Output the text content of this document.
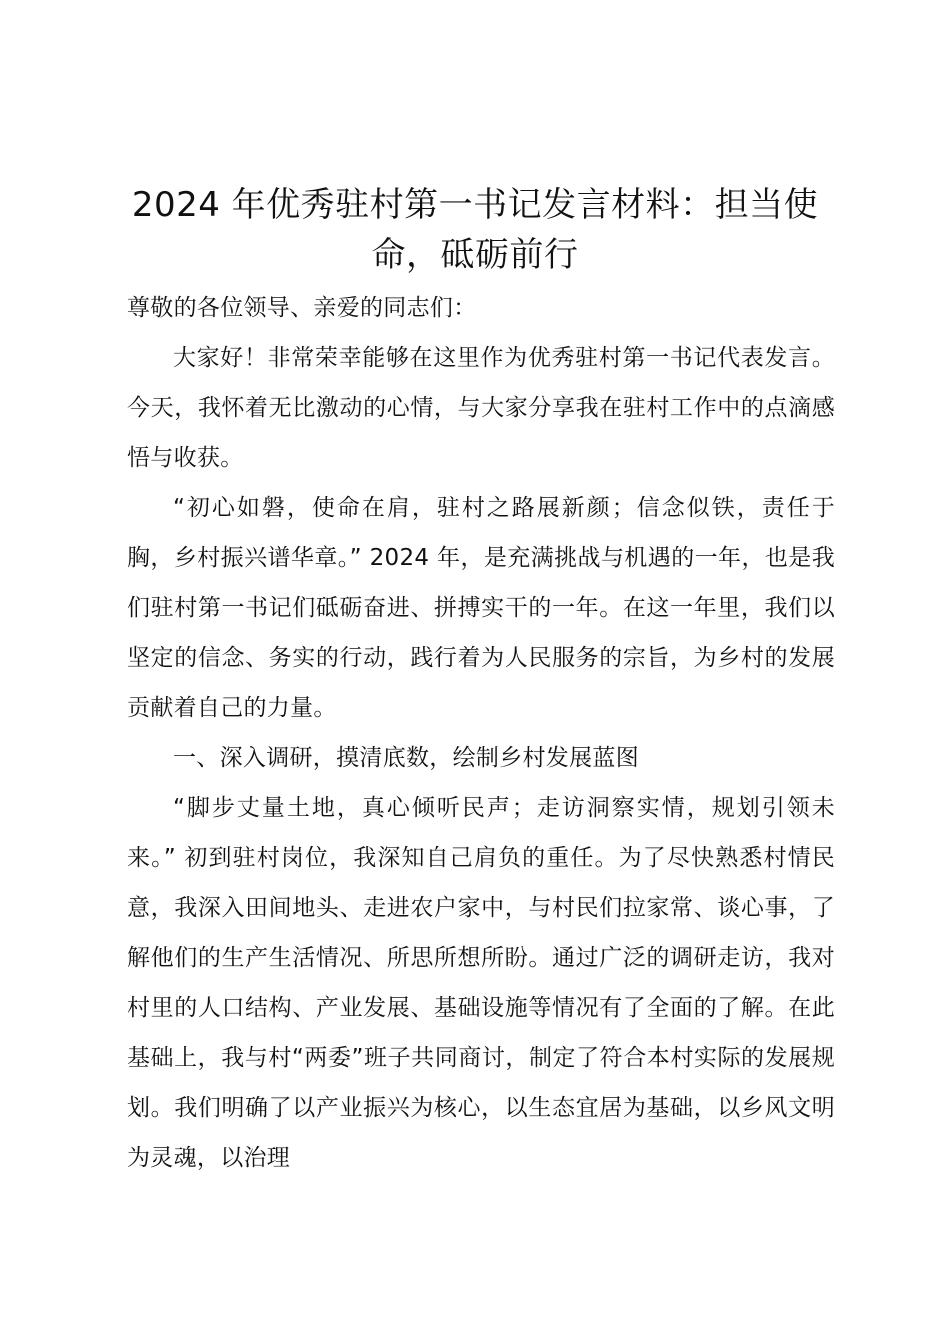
2024 年优秀驻村第一书记发言材料：担当使命，砥砺前行

尊敬的各位领导、亲爱的同志们：

大家好！非常荣幸能够在这里作为优秀驻村第一书记代表发言。今天，我怀着无比激动的心情，与大家分享我在驻村工作中的点滴感悟与收获。

“初心如磐，使命在肩，驻村之路展新颜；信念似铁，责任于胸，乡村振兴谱华章。” 2024 年，是充满挑战与机遇的一年，也是我们驻村第一书记们砥砺奋进、拼搏实干的一年。在这一年里，我们以坚定的信念、务实的行动，践行着为人民服务的宗旨，为乡村的发展贡献着自己的力量。

一、深入调研，摸清底数，绘制乡村发展蓝图

“脚步丈量土地，真心倾听民声；走访洞察实情，规划引领未来。” 初到驻村岗位，我深知自己肩负的重任。为了尽快熟悉村情民意，我深入田间地头、走进农户家中，与村民们拉家常、谈心事，了解他们的生产生活情况、所思所想所盼。通过广泛的调研走访，我对村里的人口结构、产业发展、基础设施等情况有了全面的了解。在此基础上，我与村“两委”班子共同商讨，制定了符合本村实际的发展规划。我们明确了以产业振兴为核心，以生态宜居为基础，以乡风文明为灵魂，以治理
